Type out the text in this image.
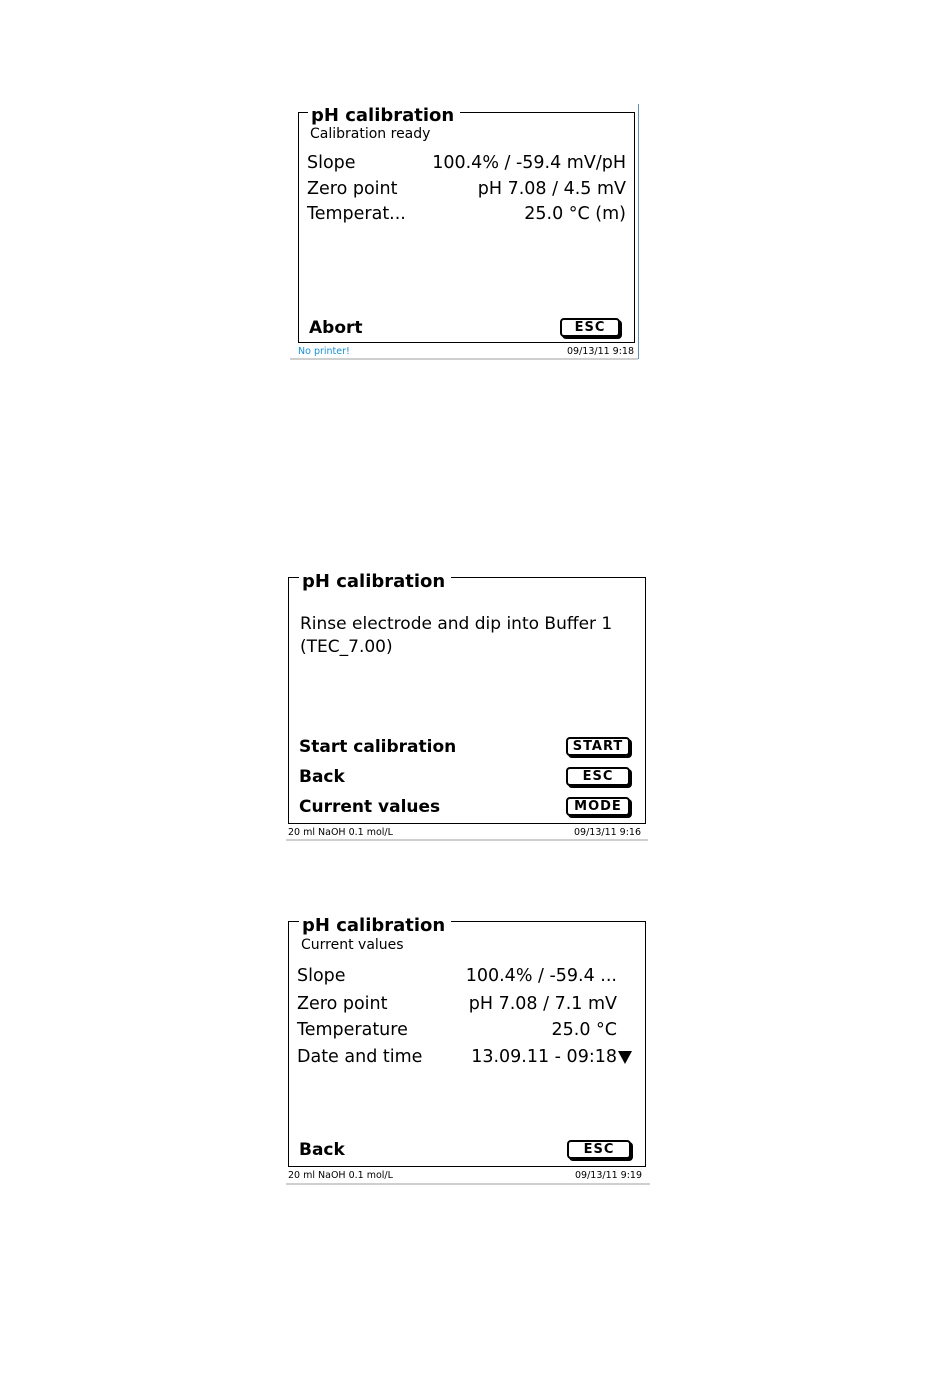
pH calibration
Calibration ready
Slope	100.4% / -59.4 mV/pH
Zero point	pH 7.08 / 4.5 mV
Temperat...	25.0 °C (m)
Abort	ESC
No printer!	09/13/11 9:18
pH calibration
Rinse electrode and dip into Buffer 1
(TEC_7.00)
Start calibration	START
Back	ESC
Current values	MODE
20 ml NaOH 0.1 mol/L	09/13/11 9:16
pH calibration
Current values
Slope	100.4% / -59.4 ...
Zero point	pH 7.08 / 7.1 mV
Temperature	25.0 °C
Date and time	13.09.11 - 09:18
Back	ESC
20 ml NaOH 0.1 mol/L	09/13/11 9:19
